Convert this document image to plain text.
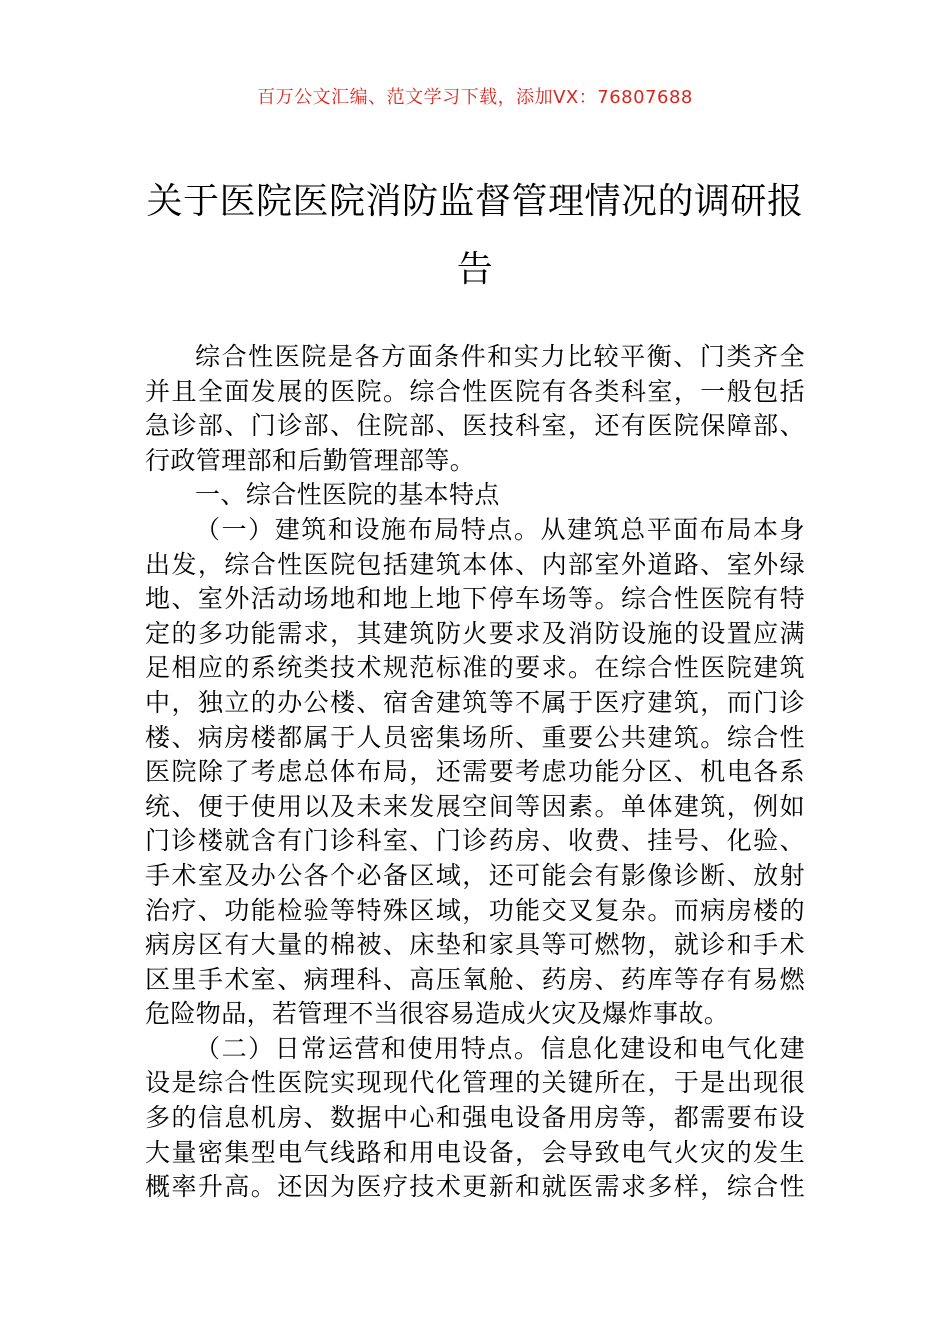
百万公文汇编、范文学习下载，添加VX：76807688
关于医院医院消防监督管理情况的调研报
告
综合性医院是各方面条件和实力比较平衡、门类齐全
并且全面发展的医院。综合性医院有各类科室，一般包括
急诊部、门诊部、住院部、医技科室，还有医院保障部、
行政管理部和后勤管理部等。
一、综合性医院的基本特点
（一）建筑和设施布局特点。从建筑总平面布局本身
出发，综合性医院包括建筑本体、内部室外道路、室外绿
地、室外活动场地和地上地下停车场等。综合性医院有特
定的多功能需求，其建筑防火要求及消防设施的设置应满
足相应的系统类技术规范标准的要求。在综合性医院建筑
中，独立的办公楼、宿舍建筑等不属于医疗建筑，而门诊
楼、病房楼都属于人员密集场所、重要公共建筑。综合性
医院除了考虑总体布局，还需要考虑功能分区、机电各系
统、便于使用以及未来发展空间等因素。单体建筑，例如
门诊楼就含有门诊科室、门诊药房、收费、挂号、化验、
手术室及办公各个必备区域，还可能会有影像诊断、放射
治疗、功能检验等特殊区域，功能交叉复杂。而病房楼的
病房区有大量的棉被、床垫和家具等可燃物，就诊和手术
区里手术室、病理科、高压氧舱、药房、药库等存有易燃
危险物品，若管理不当很容易造成火灾及爆炸事故。
（二）日常运营和使用特点。信息化建设和电气化建
设是综合性医院实现现代化管理的关键所在，于是出现很
多的信息机房、数据中心和强电设备用房等，都需要布设
大量密集型电气线路和用电设备，会导致电气火灾的发生
概率升高。还因为医疗技术更新和就医需求多样，综合性
